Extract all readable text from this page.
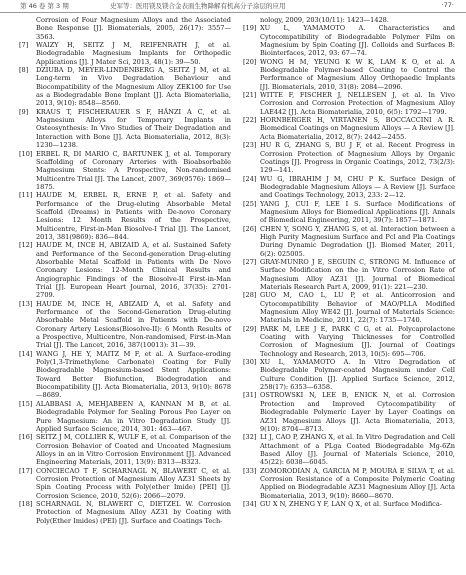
第 46 卷 第 3 期	史军等：医用镁及镁合金表面生物降解有机高分子涂层的应用	·77·

Corrosion of Four Magnesium Alloys and the Associated Bone Response [J]. Biomaterials, 2005, 26(17): 3557—3563.

[7] WAIZY H, SEITZ J M, REIFENRATH J, et al. Biodegradable Magnesium Implants for Orthopedic Applications [J]. J Mater Sci, 2013, 48(1): 39—50.

[8] DZIUBA D, MEYER-LINDENBERG A, SEITZ J M, et al. Long-term in Vivo Degradation Behaviour and Biocompatibility of the Magnesium Alloy ZEK100 for Use as a Biodegradable Bone Implant [J]. Acta Biomaterialia, 2013, 9(10): 8548—8560.

[9] KRAUS T, FISCHERAUER S F, HÄNZI A C, et al. Magnesium Alloys for Temporary Implants in Osteosynthesis: In Vivo Studies of Their Degradation and Interaction with Bone [J]. Acta Biomaterialia, 2012, 8(3): 1230—1238.

[10] ERBEL R, DI MARIO C, BARTUNEK J, et al. Temporary Scaffolding of Coronary Arteries with Bioabsorbable Magnesium Stents: A Prospective, Non-randomised Multicentre Trial [J]. The Lancet, 2007, 369(9576): 1869—1875.

[11] HAUDE M, ERBEL R, ERNE P, et al. Safety and Performance of the Drug-eluting Absorbable Metal Scaffold (Dreams) in Patients with De-novo Coronary Lesions: 12 Month Results of the Prospective, Multicentre, First-in-Man Biosolve-I Trial [J]. The Lancet, 2013, 381(9869): 836—844.

[12] HAUDE M, INCE H, ABIZAID A, et al. Sustained Safety and Performance of the Second-generation Drug-eluting Absorbable Metal Scaffold in Patients with De Novo Coronary Lesions: 12-Month Clinical Results and Angiographic Findings of the Biosolve-II First-in-Man Trial [J]. European Heart Journal, 2016, 37(35): 2701-2709.

[13] HAUDE M, INCE H, ABIZAID A, et al. Safety and Performance of the Second-Generation Drug-eluting Absorbable Metal Scaffold in Patients with De-novo Coronary Artery Lesions(Biosolve-II): 6 Month Results of a Prospective, Multicentre, Non-randomised, First-in-Man Trial [J]. The Lancet, 2016, 387(10013): 31—39.

[14] WANG J, HE Y, MAITZ M F, et al. A Surface-eroding Poly(1,3-Trimethylene Carbonate) Coating for Fully Biodegradable Magnesium-based Stent Applications: Toward Better Biofunction, Biodegradation and Biocompatibility [J]. Acta Biomaterialia, 2013, 9(10): 8678—8689.

[15] ALABBASI A, MEHJABEEN A, KANNAN M B, et al. Biodegradable Polymer for Sealing Porous Peo Layer on Pure Magnesium: An in Vitro Degradation Study [J]. Applied Surface Science, 2014, 301: 463—467.

[16] SEITZ J M, COLLIER K, WULF E, et al. Comparison of the Corrosion Behavior of Coated and Uncoated Magnesium Alloys in an in Vitro Corrosion Environment [J]. Advanced Engineering Materials, 2011, 13(9): B313—B323.

[17] CONCIECAO T F, SCHARNAGL N, BLAWERT C, et al. Corrosion Protection of Magnesium Alloy AZ31 Sheets by Spin Coating Process with Poly(ether Imide) [PEI] [J]. Corrosion Science, 2010, 52(6): 2066—2079.

[18] SCHARNAGL N, BLAWERT C, DIETZEL W. Corrosion Protection of Magnesium Alloy AZ31 by Coating with Poly(Ether Imides) (PEI) [J]. Surface and Coatings Tech-

nology, 2009, 203(10/11): 1423—1428.

[19] XU L, YAMAMOTO A. Characteristics and Cytocompatibility of Biodegradable Polymer Film on Magnesium by Spin Coating [J]. Colloids and Surfaces B: Biointerfaces, 2012, 93: 67—74.

[20] WONG H M, YEUNG K W K, LAM K O, et al. A Biodegradable Polymer-based Coating to Control the Performance of Magnesium Alloy Orthopaedic Implants [J]. Biomaterials, 2010, 31(8): 2084—2096.

[21] WITTE F, FISCHER J, NELLESEN J, et al. In Vivo Corrosion and Corrosion Protection of Magnesium Alloy LAE442 [J]. Acta Biomaterialia, 2010, 6(5): 1792—1799.

[22] HORNBERGER H, VIRTANEN S, BOCCACCINI A R. Biomedical Coatings on Magnesium Alloys — A Review [J]. Acta Biomaterialia, 2012, 8(7): 2442—2455.

[23] HU R G, ZHANG S, BU J F, et al. Recent Progress in Corrosion Protection of Magnesium Alloys by Organic Coatings [J]. Progress in Organic Coatings, 2012, 73(2/3): 129—141.

[24] WU G, IBRAHIM J M, CHU P K. Surface Design of Biodegradable Magnesium Alloys — A Review [J]. Surface and Coatings Technology, 2013, 233: 2—12.

[25] YANG J, CUI F, LEE I S. Surface Modifications of Magnesium Alloys for Biomedical Applications [J]. Annals of Biomedical Engineering, 2011, 39(7): 1857—1871.

[26] CHEN Y, SONG Y, ZHANG S, et al. Interaction between a High Purity Magnesium Surface and Pcl and Pla Coatings During Dynamic Degradation [J]. Biomed Mater, 2011, 6(2): 025005.

[27] GRAY-MUNRO J E, SEGUIN C, STRONG M. Influence of Surface Modification on the in Vitro Corrosion Rate of Magnesium Alloy AZ31 [J]. Journal of Biomedical Materials Research Part A, 2009, 91(1): 221—230.

[28] GUO M, CAO L, LU P, et al. Anticorrosion and Cytocompatibility Behavior of MAO/PLLA Modified Magnesium Alloy WE42 [J]. Journal of Materials Science: Materials in Medicine, 2011, 22(7): 1735—1740.

[29] PARK M, LEE J E, PARK C G, et al. Polycaprolactone Coating with Varying Thicknesses for Controlled Corrosion of Magnesium [J]. Journal of Coatings Technology and Research, 2013, 10(5): 695—706.

[30] XU L, YAMAMOTO A. In Vitro Degradation of Biodegradable Polymer-coated Magnesium under Cell Culture Condition [J]. Applied Surface Science, 2012, 258(17): 6353—6358.

[31] OSTROWSKI N, LEE B, ENICK N, et al. Corrosion Protection and Improved Cytocompatibility of Biodegradable Polymeric Layer by Layer Coatings on AZ31 Magnesium Alloys [J]. Acta Biomaterialia, 2013, 9(10): 8704—8713.

[32] LI J, CAO P, ZHANG X, et al. In Vitro Degradation and Cell Attachment of a PLga Coated Biodegradable Mg-6Zn Based Alloy [J]. Journal of Materials Science, 2010, 45(22): 6038—6045.

[33] ZOMORODIAN A, GARCIA M P, MOURA E SILVA T, et al. Corrosion Resistance of a Composite Polymeric Coating Applied on Biodegradable AZ31 Magnesium Alloy [J]. Acta Biomaterialia, 2013, 9(10): 8660—8670.

[34] GU X N, ZHENG Y F, LAN Q X, et al. Surface Modifica-
